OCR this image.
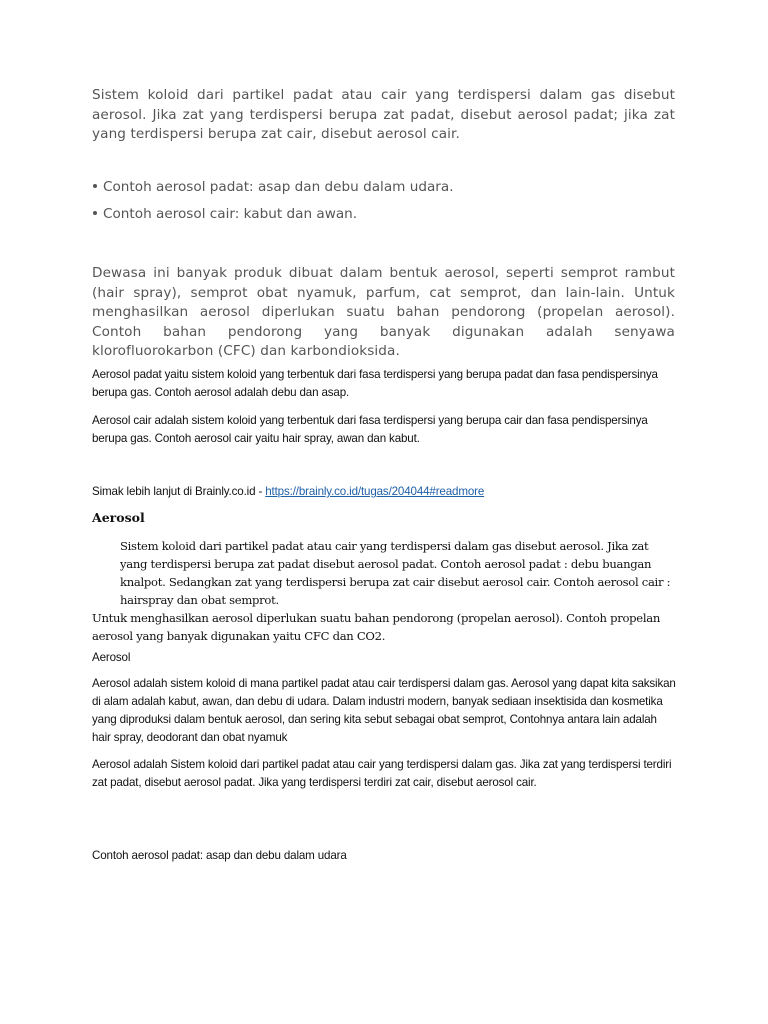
Sistem koloid dari partikel padat atau cair yang terdispersi dalam gas disebut aerosol. Jika zat yang terdispersi berupa zat padat, disebut aerosol padat; jika zat yang terdispersi berupa zat cair, disebut aerosol cair.

Contoh aerosol padat: asap dan debu dalam udara.
Contoh aerosol cair: kabut dan awan.

Dewasa ini banyak produk dibuat dalam bentuk aerosol, seperti semprot rambut (hair spray), semprot obat nyamuk, parfum, cat semprot, dan lain-lain. Untuk menghasilkan aerosol diperlukan suatu bahan pendorong (propelan aerosol). Contoh bahan pendorong yang banyak digunakan adalah senyawa klorofluorokarbon (CFC) dan karbondioksida.

Aerosol padat yaitu sistem koloid yang terbentuk dari fasa terdispersi yang berupa padat dan fasa pendispersinya berupa gas. Contoh aerosol adalah debu dan asap.

Aerosol cair adalah sistem koloid yang terbentuk dari fasa terdispersi yang berupa cair dan fasa pendispersinya berupa gas. Contoh aerosol cair yaitu hair spray, awan dan kabut.

Simak lebih lanjut di Brainly.co.id - https://brainly.co.id/tugas/204044#readmore

Aerosol

Sistem koloid dari partikel padat atau cair yang terdispersi dalam gas disebut aerosol. Jika zat yang terdispersi berupa zat padat disebut aerosol padat. Contoh aerosol padat : debu buangan knalpot. Sedangkan zat yang terdispersi berupa zat cair disebut aerosol cair. Contoh aerosol cair : hairspray dan obat semprot.

Untuk menghasilkan aerosol diperlukan suatu bahan pendorong (propelan aerosol). Contoh propelan aerosol yang banyak digunakan yaitu CFC dan CO2.

Aerosol

Aerosol adalah sistem koloid di mana partikel padat atau cair terdispersi dalam gas. Aerosol yang dapat kita saksikan di alam adalah kabut, awan, dan debu di udara. Dalam industri modern, banyak sediaan insektisida dan kosmetika yang diproduksi dalam bentuk aerosol, dan sering kita sebut sebagai obat semprot, Contohnya antara lain adalah hair spray, deodorant dan obat nyamuk

Aerosol adalah Sistem koloid dari partikel padat atau cair yang terdispersi dalam gas. Jika zat yang terdispersi terdiri zat padat, disebut aerosol padat. Jika yang terdispersi terdiri zat cair, disebut aerosol cair.

Contoh aerosol padat: asap dan debu dalam udara
